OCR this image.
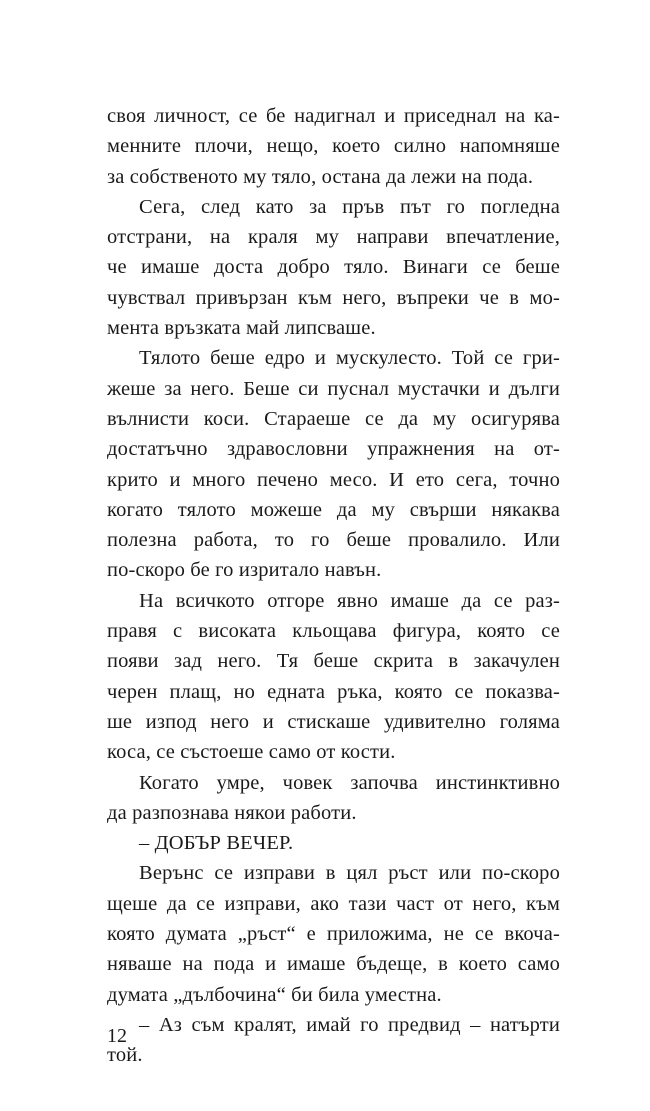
своя личност, се бе надигнал и приседнал на ка-
менните плочи, нещо, което силно напомняше
за собственото му тяло, остана да лежи на пода.
Сега, след като за пръв път го погледна
отстрани, на краля му направи впечатление,
че имаше доста добро тяло. Винаги се беше
чувствал привързан към него, въпреки че в мо-
мента връзката май липсваше.
Тялото беше едро и мускулесто. Той се гри-
жеше за него. Беше си пуснал мустачки и дълги
вълнисти коси. Стараеше се да му осигурява
достатъчно здравословни упражнения на от-
крито и много печено месо. И ето сега, точно
когато тялото можеше да му свърши някаква
полезна работа, то го беше провалило. Или
по-скоро бе го изритало навън.
На всичкото отгоре явно имаше да се раз-
правя с високата кльощава фигура, която се
появи зад него. Тя беше скрита в закачулен
черен плащ, но едната ръка, която се показва-
ше изпод него и стискаше удивително голяма
коса, се състоеше само от кости.
Когато умре, човек започва инстинктивно
да разпознава някои работи.
– ДОБЪР ВЕЧЕР.
Верънс се изправи в цял ръст или по-скоро
щеше да се изправи, ако тази част от него, към
която думата „ръст“ е приложима, не се вкоча-
няваше на пода и имаше бъдеще, в което само
думата „дълбочина“ би била уместна.
– Аз съм кралят, имай го предвид – натърти
той.
12
